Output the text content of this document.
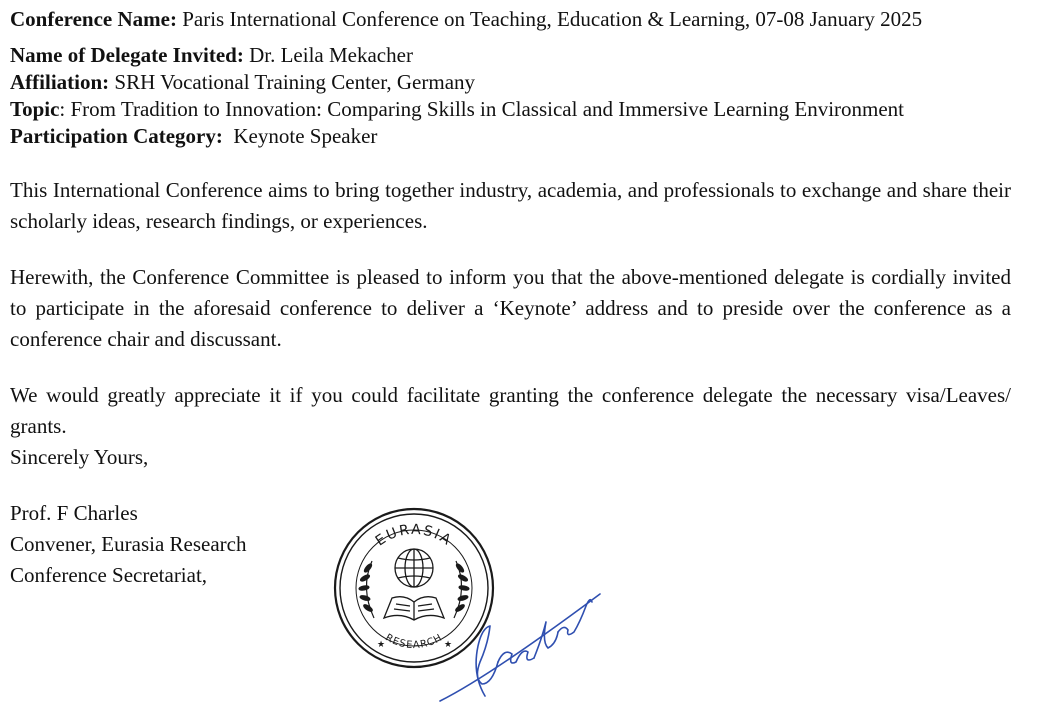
Conference Name: Paris International Conference on Teaching, Education & Learning, 07-08 January 2025

Name of Delegate Invited: Dr. Leila Mekacher

Affiliation: SRH Vocational Training Center, Germany

Topic: From Tradition to Innovation: Comparing Skills in Classical and Immersive Learning Environment

Participation Category: Keynote Speaker

This International Conference aims to bring together industry, academia, and professionals to exchange and share their scholarly ideas, research findings, or experiences.

Herewith, the Conference Committee is pleased to inform you that the above-mentioned delegate is cordially invited to participate in the aforesaid conference to deliver a ‘Keynote’ address and to preside over the conference as a conference chair and discussant.

We would greatly appreciate it if you could facilitate granting the conference delegate the necessary visa/Leaves/ grants.

Sincerely Yours,

Prof. F Charles

Convener, Eurasia Research

Conference Secretariat,

EURASIA
RESEARCH
★	★
